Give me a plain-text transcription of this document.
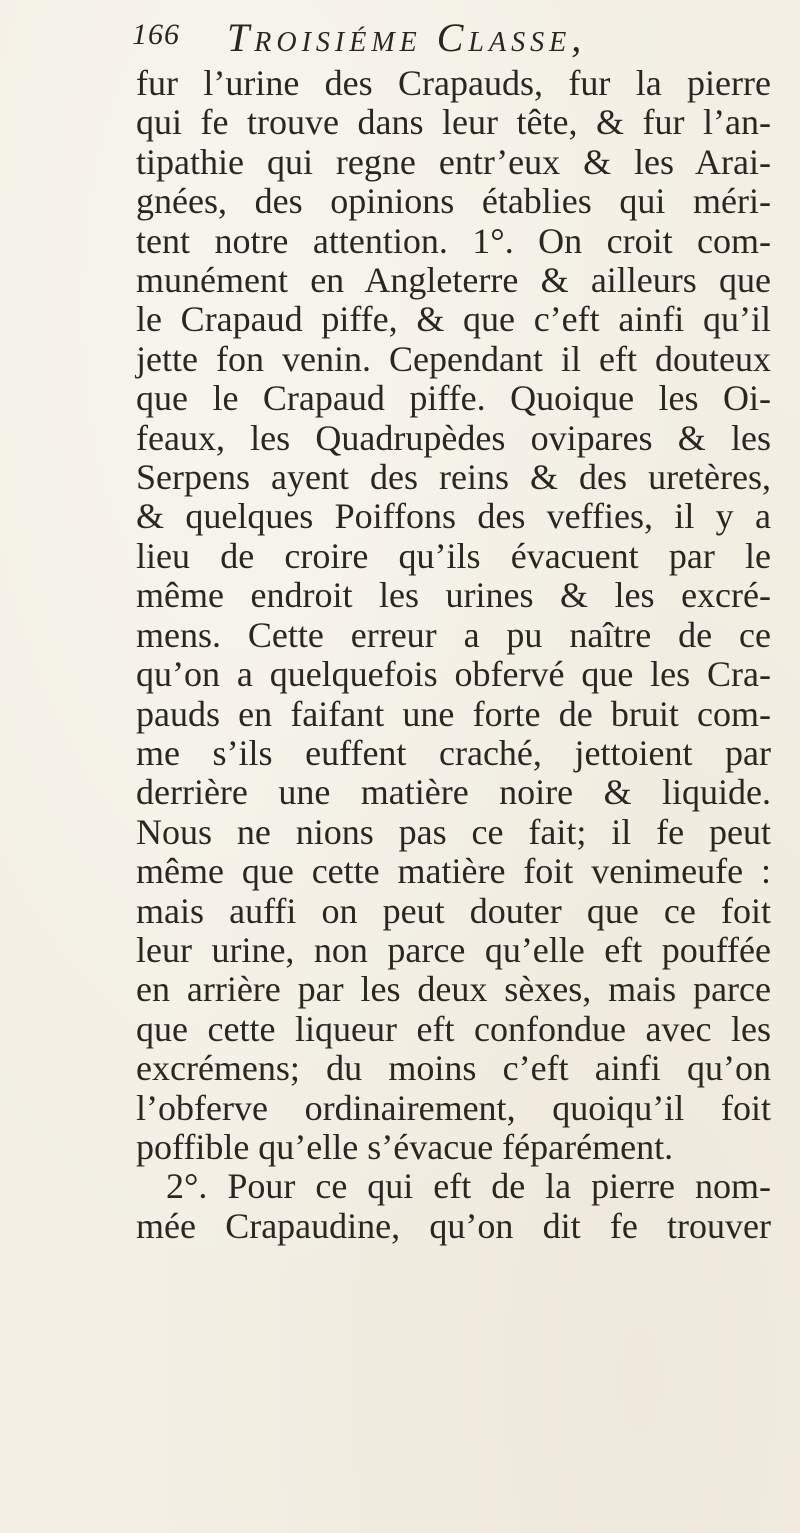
166 Troisiéme Classe,
fur l’urine des Crapauds, fur la pierre
qui fe trouve dans leur tête, & fur l’an-
tipathie qui regne entr’eux & les Arai-
gnées, des opinions établies qui méri-
tent notre attention. 1°. On croit com-
munément en Angleterre & ailleurs que
le Crapaud piffe, & que c’eft ainfi qu’il
jette fon venin. Cependant il eft douteux
que le Crapaud piffe. Quoique les Oi-
feaux, les Quadrupèdes ovipares & les
Serpens ayent des reins & des uretères,
& quelques Poiffons des veffies, il y a
lieu de croire qu’ils évacuent par le
même endroit les urines & les excré-
mens. Cette erreur a pu naître de ce
qu’on a quelquefois obfervé que les Cra-
pauds en faifant une forte de bruit com-
me s’ils euffent craché, jettoient par
derrière une matière noire & liquide.
Nous ne nions pas ce fait; il fe peut
même que cette matière foit venimeufe :
mais auffi on peut douter que ce foit
leur urine, non parce qu’elle eft pouffée
en arrière par les deux sèxes, mais parce
que cette liqueur eft confondue avec les
excrémens; du moins c’eft ainfi qu’on
l’obferve ordinairement, quoiqu’il foit
poffible qu’elle s’évacue féparément.
2°. Pour ce qui eft de la pierre nom-
mée Crapaudine, qu’on dit fe trouver
